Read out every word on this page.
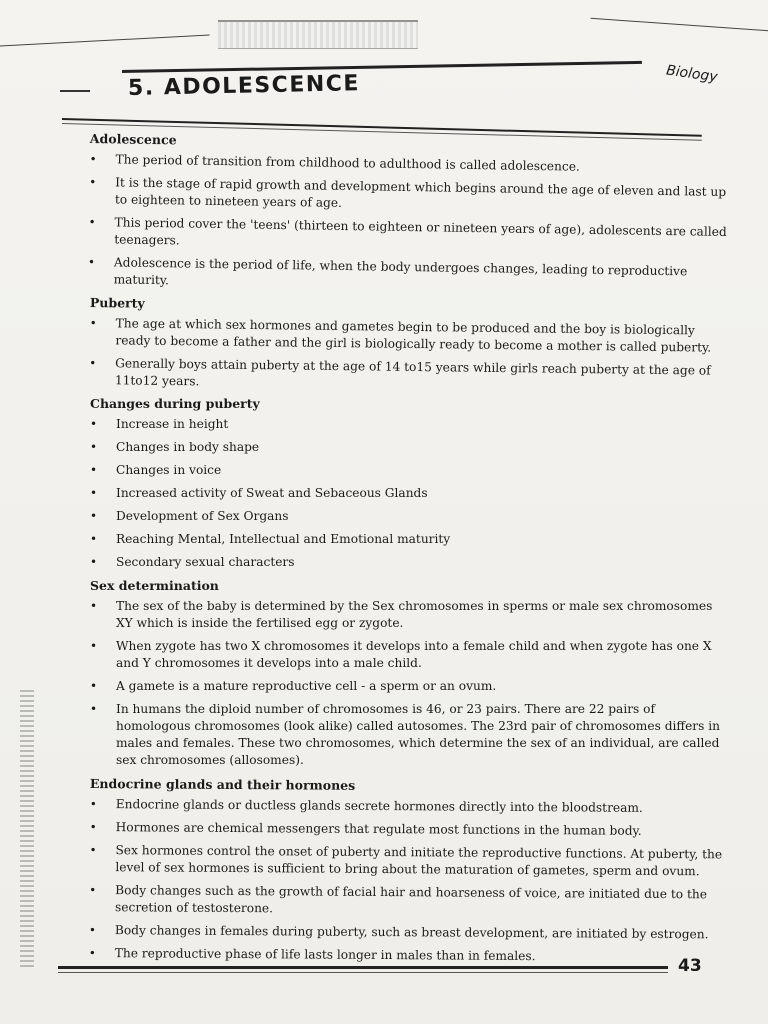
5. ADOLESCENCE	Biology
Adolescence
• The period of transition from childhood to adulthood is called adolescence.
• It is the stage of rapid growth and development which begins around the age of eleven and last up to eighteen to nineteen years of age.
• This period cover the 'teens' (thirteen to eighteen or nineteen years of age), adolescents are called teenagers.
• Adolescence is the period of life, when the body undergoes changes, leading to reproductive maturity.
Puberty
• The age at which sex hormones and gametes begin to be produced and the boy is biologically ready to become a father and the girl is biologically ready to become a mother is called puberty.
• Generally boys attain puberty at the age of 14 to15 years while girls reach puberty at the age of 11to12 years.
Changes during puberty
• Increase in height
• Changes in body shape
• Changes in voice
• Increased activity of Sweat and Sebaceous Glands
• Development of Sex Organs
• Reaching Mental, Intellectual and Emotional maturity
• Secondary sexual characters
Sex determination
• The sex of the baby is determined by the Sex chromosomes in sperms or male sex chromosomes XY which is inside the fertilised egg or zygote.
• When zygote has two X chromosomes it develops into a female child and when zygote has one X and Y chromosomes it develops into a male child.
• A gamete is a mature reproductive cell - a sperm or an ovum.
• In humans the diploid number of chromosomes is 46, or 23 pairs. There are 22 pairs of homologous chromosomes (look alike) called autosomes. The 23rd pair of chromosomes differs in males and females. These two chromosomes, which determine the sex of an individual, are called sex chromosomes (allosomes).
Endocrine glands and their hormones
• Endocrine glands or ductless glands secrete hormones directly into the bloodstream.
• Hormones are chemical messengers that regulate most functions in the human body.
• Sex hormones control the onset of puberty and initiate the reproductive functions. At puberty, the level of sex hormones is sufficient to bring about the maturation of gametes, sperm and ovum.
• Body changes such as the growth of facial hair and hoarseness of voice, are initiated due to the secretion of testosterone.
• Body changes in females during puberty, such as breast development, are initiated by estrogen.
• The reproductive phase of life lasts longer in males than in females.
43
